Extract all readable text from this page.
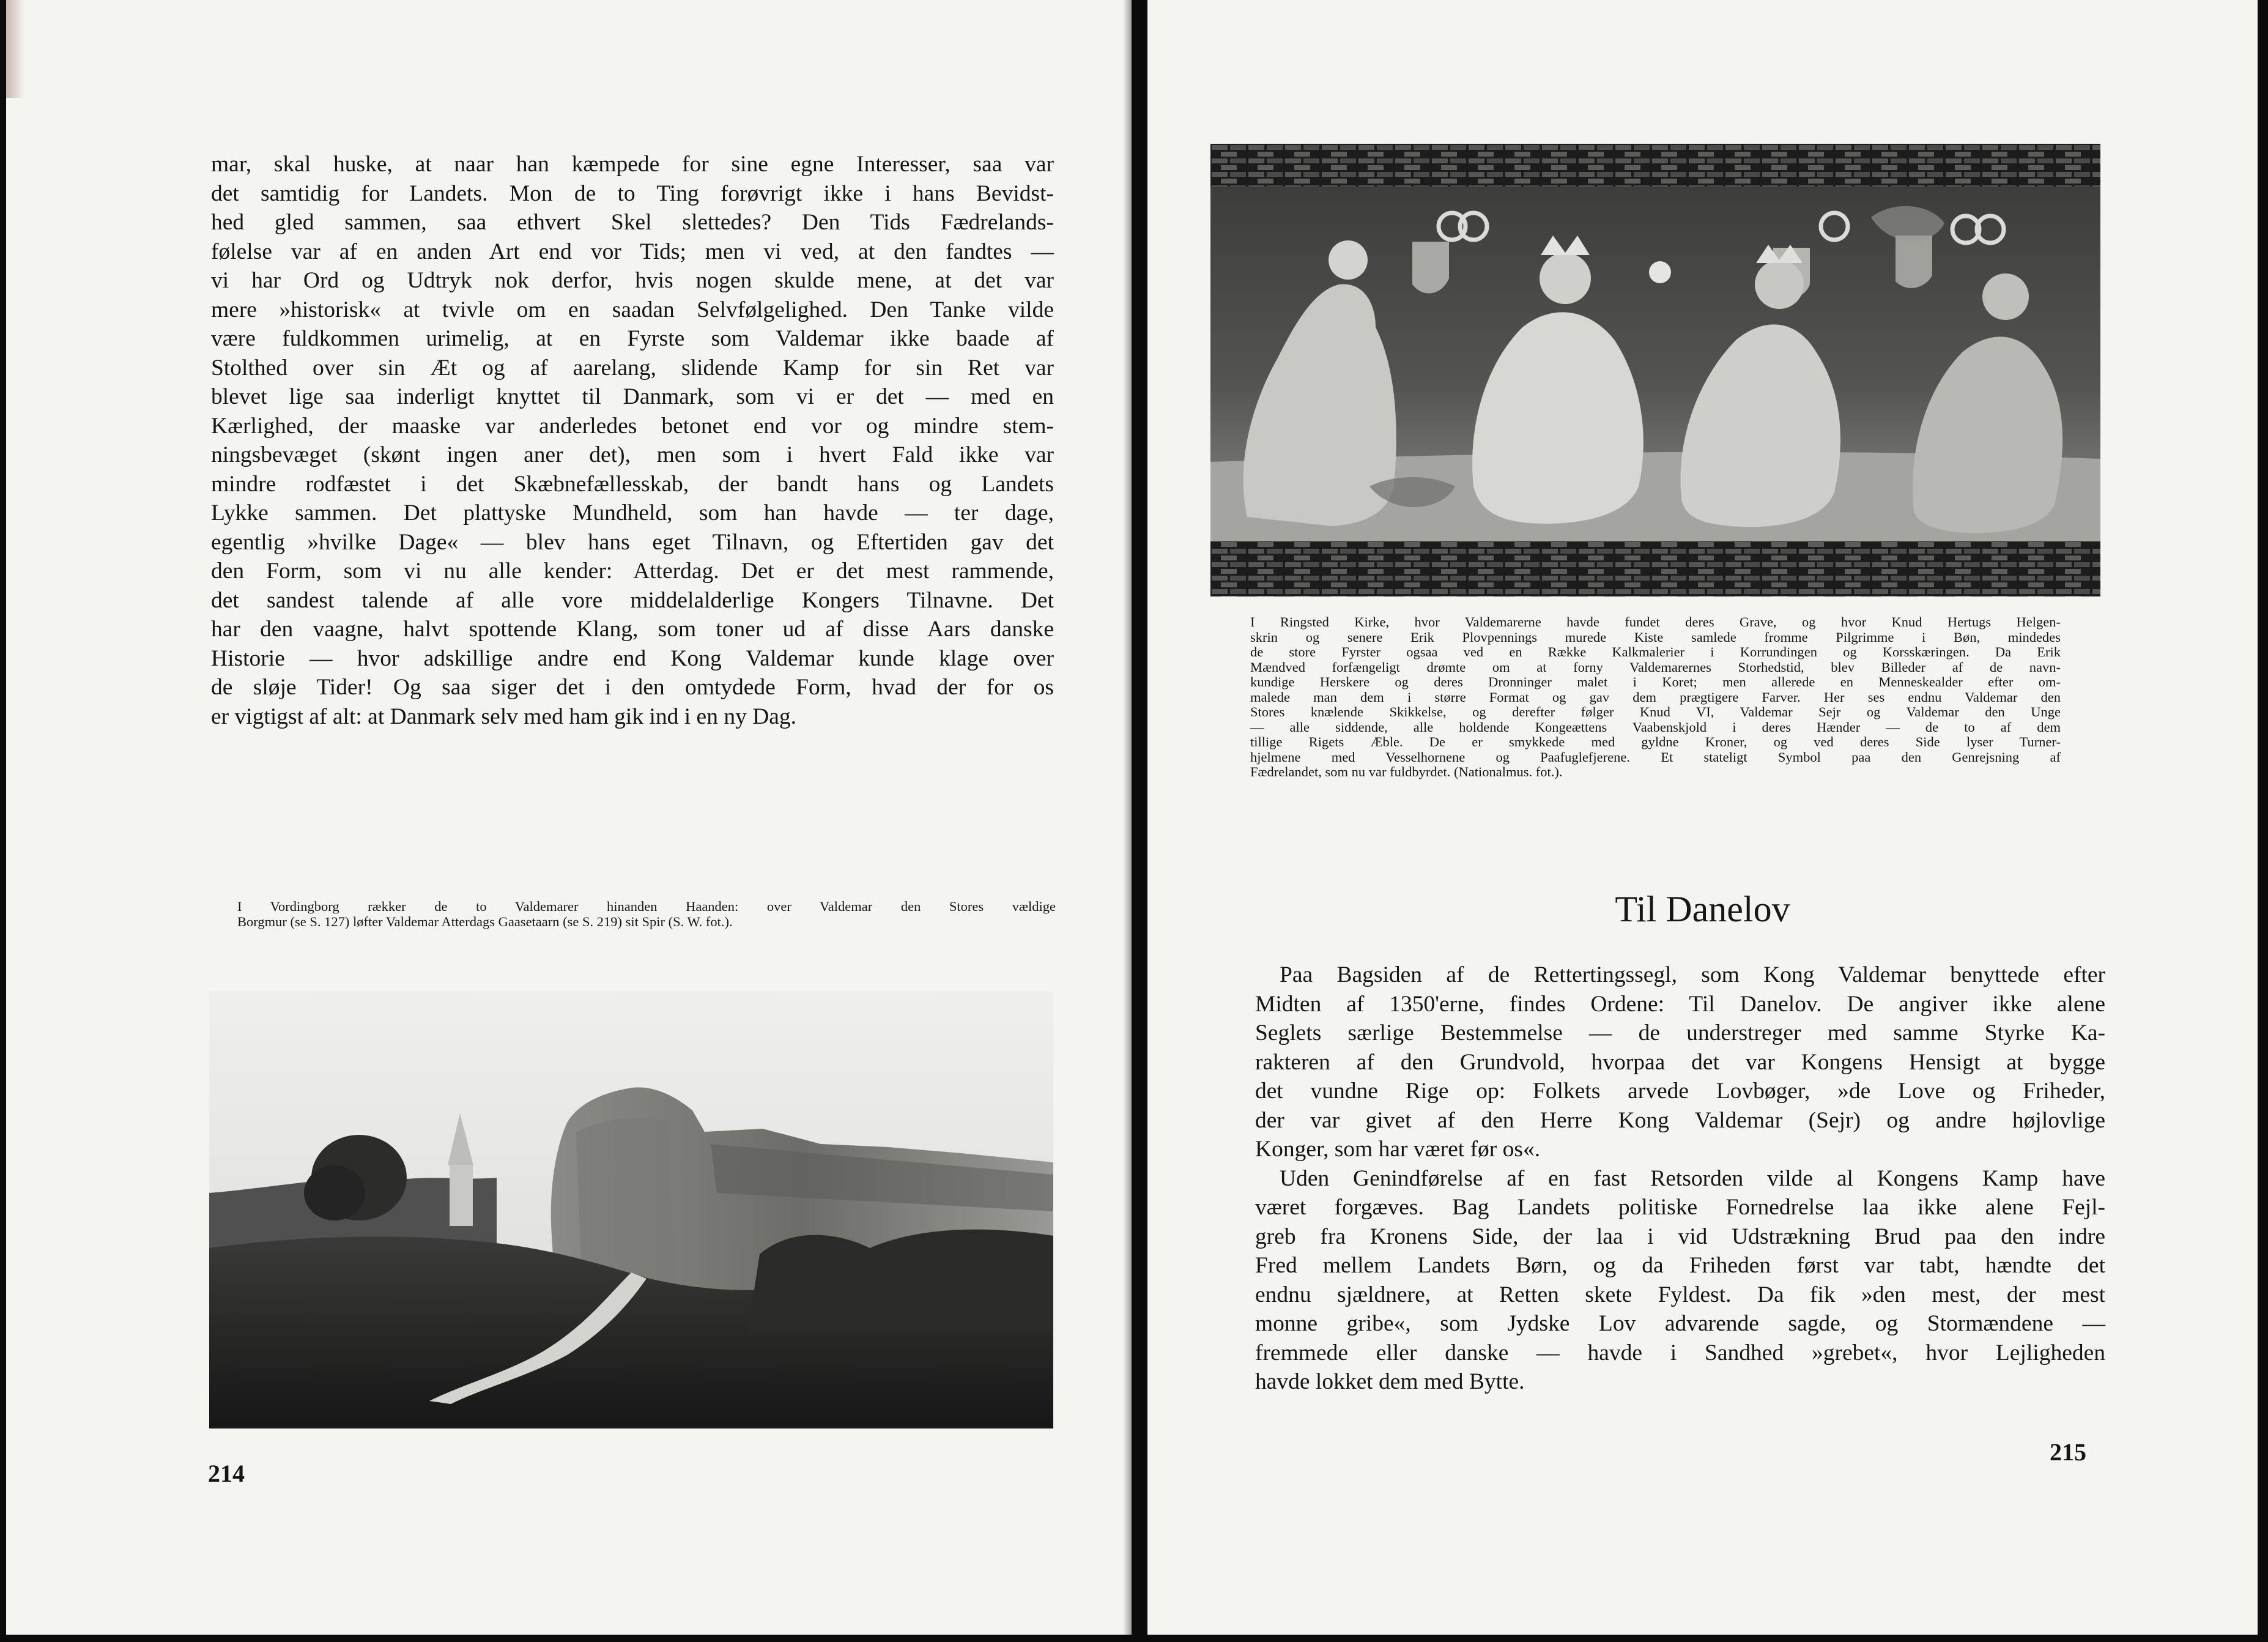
mar, skal huske, at naar han kæmpede for sine egne Interesser, saa var
det samtidig for Landets. Mon de to Ting forøvrigt ikke i hans Bevidst-
hed gled sammen, saa ethvert Skel slettedes? Den Tids Fædrelands-
følelse var af en anden Art end vor Tids; men vi ved, at den fandtes —
vi har Ord og Udtryk nok derfor, hvis nogen skulde mene, at det var
mere »historisk« at tvivle om en saadan Selvfølgelighed. Den Tanke vilde
være fuldkommen urimelig, at en Fyrste som Valdemar ikke baade af
Stolthed over sin Æt og af aarelang, slidende Kamp for sin Ret var
blevet lige saa inderligt knyttet til Danmark, som vi er det — med en
Kærlighed, der maaske var anderledes betonet end vor og mindre stem-
ningsbevæget (skønt ingen aner det), men som i hvert Fald ikke var
mindre rodfæstet i det Skæbnefællesskab, der bandt hans og Landets
Lykke sammen. Det plattyske Mundheld, som han havde — ter dage,
egentlig »hvilke Dage« — blev hans eget Tilnavn, og Eftertiden gav det
den Form, som vi nu alle kender: Atterdag. Det er det mest rammende,
det sandest talende af alle vore middelalderlige Kongers Tilnavne. Det
har den vaagne, halvt spottende Klang, som toner ud af disse Aars danske
Historie — hvor adskillige andre end Kong Valdemar kunde klage over
de sløje Tider! Og saa siger det i den omtydede Form, hvad der for os
er vigtigst af alt: at Danmark selv med ham gik ind i en ny Dag.
I Vordingborg rækker de to Valdemarer hinanden Haanden: over Valdemar den Stores vældige
Borgmur (se S. 127) løfter Valdemar Atterdags Gaasetaarn (se S. 219) sit Spir (S. W. fot.).
214
I Ringsted Kirke, hvor Valdemarerne havde fundet deres Grave, og hvor Knud Hertugs Helgen-
skrin og senere Erik Plovpennings murede Kiste samlede fromme Pilgrimme i Bøn, mindedes
de store Fyrster ogsaa ved en Række Kalkmalerier i Korrundingen og Korsskæringen. Da Erik
Mændved forfængeligt drømte om at forny Valdemarernes Storhedstid, blev Billeder af de navn-
kundige Herskere og deres Dronninger malet i Koret; men allerede en Menneskealder efter om-
malede man dem i større Format og gav dem prægtigere Farver. Her ses endnu Valdemar den
Stores knælende Skikkelse, og derefter følger Knud VI, Valdemar Sejr og Valdemar den Unge
— alle siddende, alle holdende Kongeættens Vaabenskjold i deres Hænder — de to af dem
tillige Rigets Æble. De er smykkede med gyldne Kroner, og ved deres Side lyser Turner-
hjelmene med Vesselhornene og Paafuglefjerene. Et stateligt Symbol paa den Genrejsning af
Fædrelandet, som nu var fuldbyrdet. (Nationalmus. fot.).
Til Danelov
Paa Bagsiden af de Rettertingssegl, som Kong Valdemar benyttede efter
Midten af 1350'erne, findes Ordene: Til Danelov. De angiver ikke alene
Seglets særlige Bestemmelse — de understreger med samme Styrke Ka-
rakteren af den Grundvold, hvorpaa det var Kongens Hensigt at bygge
det vundne Rige op: Folkets arvede Lovbøger, »de Love og Friheder,
der var givet af den Herre Kong Valdemar (Sejr) og andre højlovlige
Konger, som har været før os«.
Uden Genindførelse af en fast Retsorden vilde al Kongens Kamp have
været forgæves. Bag Landets politiske Fornedrelse laa ikke alene Fejl-
greb fra Kronens Side, der laa i vid Udstrækning Brud paa den indre
Fred mellem Landets Børn, og da Friheden først var tabt, hændte det
endnu sjældnere, at Retten skete Fyldest. Da fik »den mest, der mest
monne gribe«, som Jydske Lov advarende sagde, og Stormændene —
fremmede eller danske — havde i Sandhed »grebet«, hvor Lejligheden
havde lokket dem med Bytte.
215
